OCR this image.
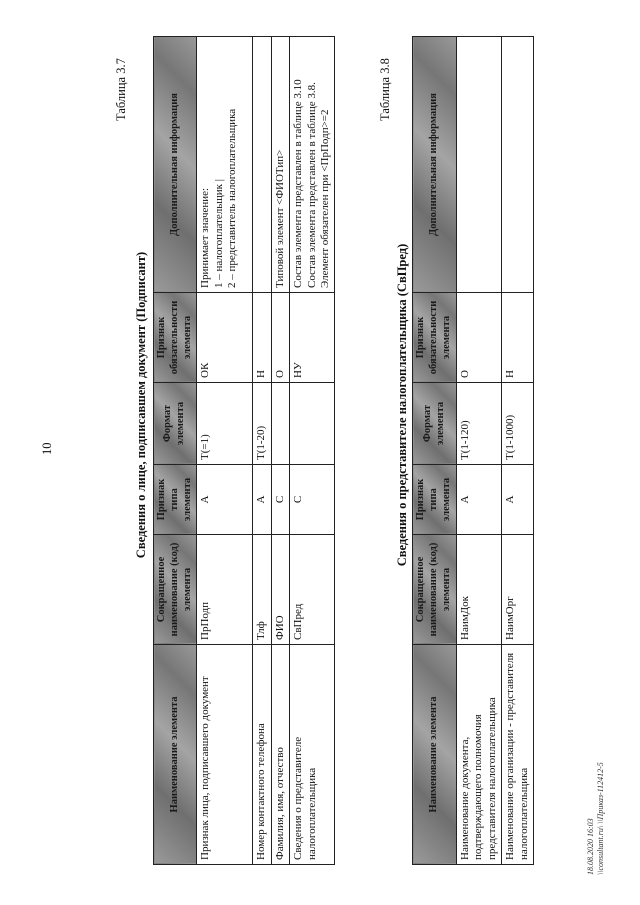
10
Таблица 3.7
Сведения о лице, подписавшем документ (Подписант)
Наименование элемента	Сокращенное наименование (код) элемента	Признак типа элемента	Формат элемента	Признак обязательности элемента	Дополнительная информация
Признак лица, подписавшего документ	ПрПодп	А	T(=1)	ОК	Принимает значение:
1 – налогоплательщик |
2 – представитель налогоплательщика
Номер контактного телефона	Тлф	А	T(1-20)	Н	
Фамилия, имя, отчество	ФИО	С		О	Типовой элемент <ФИОТип>
Сведения о представителе налогоплательщика	СвПред	С		НУ	Состав элемента представлен в таблице 3.10
Состав элемента представлен в таблице 3.8.
Элемент обязателен при <ПрПодп>=2
Таблица 3.8
Сведения о представителе налогоплательщика (СвПред)
Наименование элемента	Сокращенное наименование (код) элемента	Признак типа элемента	Формат элемента	Признак обязательности элемента	Дополнительная информация
Наименование документа, подтверждающего полномочия представителя налогоплательщика	НаимДок	А	T(1-120)	О	
Наименование организации - представителя налогоплательщика	НаимОрг	А	T(1-1000)	Н	
18.08.2020 16:03 \\consultant.ru\ \\Приказ-112412-5
